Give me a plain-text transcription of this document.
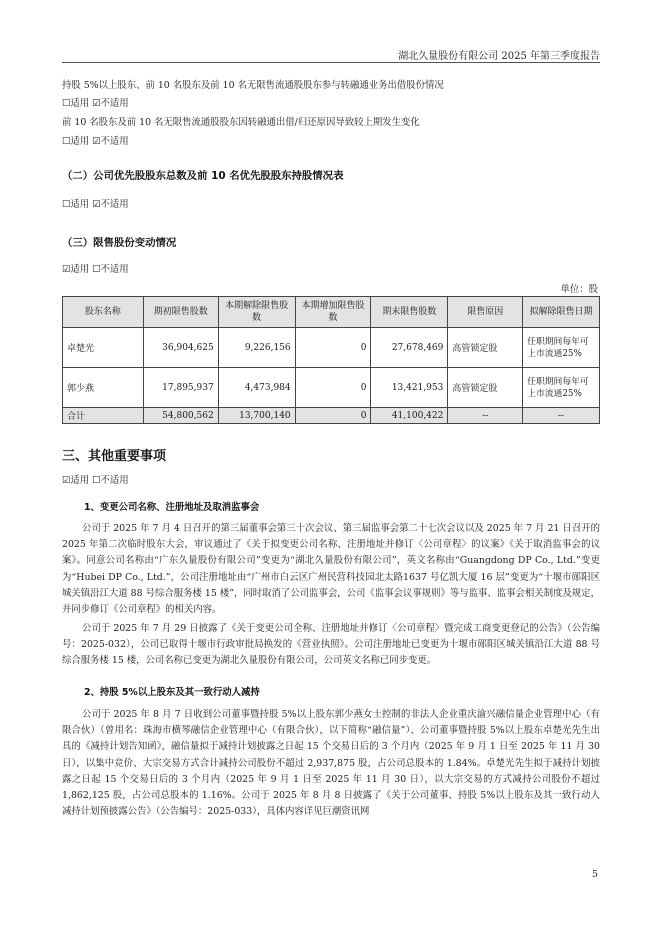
湖北久量股份有限公司 2025 年第三季度报告
持股 5%以上股东、前 10 名股东及前 10 名无限售流通股股东参与转融通业务出借股份情况
☐适用 ☑不适用
前 10 名股东及前 10 名无限售流通股股东因转融通出借/归还原因导致较上期发生变化
☐适用 ☑不适用
（二）公司优先股股东总数及前 10 名优先股股东持股情况表
☐适用 ☑不适用
（三）限售股份变动情况
☑适用 ☐不适用
单位：股
股东名称	期初限售股数	本期解除限售股数	本期增加限售股数	期末限售股数	限售原因	拟解除限售日期
卓楚光	36,904,625	9,226,156	0	27,678,469	高管锁定股	任职期间每年可上市流通25%
郭少燕	17,895,937	4,473,984	0	13,421,953	高管锁定股	任职期间每年可上市流通25%
合计	54,800,562	13,700,140	0	41,100,422	--	--
三、其他重要事项
☑适用 ☐不适用
1、变更公司名称、注册地址及取消监事会
公司于 2025 年 7 月 4 日召开的第三届董事会第三十次会议、第三届监事会第二十七次会议以及 2025 年 7 月 21 日召开的 2025 年第二次临时股东大会，审议通过了《关于拟变更公司名称、注册地址并修订〈公司章程〉的议案》《关于取消监事会的议案》。同意公司名称由“广东久量股份有限公司”变更为“湖北久量股份有限公司”，英文名称由“Guangdong DP Co., Ltd.”变更为“Hubei DP Co., Ltd.”，公司注册地址由“广州市白云区广州民营科技园北太路1637 号亿凯大厦 16 层”变更为“十堰市郧阳区城关镇沿江大道 88 号综合服务楼 15 楼”，同时取消了公司监事会，公司《监事会议事规则》等与监事、监事会相关制度及规定，并同步修订《公司章程》的相关内容。
公司于 2025 年 7 月 29 日披露了《关于变更公司全称、注册地址并修订〈公司章程〉暨完成工商变更登记的公告》（公告编号：2025-032），公司已取得十堰市行政审批局换发的《营业执照》。公司注册地址已变更为十堰市郧阳区城关镇沿江大道 88 号综合服务楼 15 楼，公司名称已变更为湖北久量股份有限公司，公司英文名称已同步变更。
2、持股 5%以上股东及其一致行动人减持
公司于 2025 年 8 月 7 日收到公司董事暨持股 5%以上股东郭少燕女士控制的非法人企业重庆渝兴融信量企业管理中心（有限合伙）（曾用名：珠海市横琴融信企业管理中心（有限合伙），以下简称“融信量”）、公司董事暨持股 5%以上股东卓楚光先生出具的《减持计划告知函》，融信量拟于减持计划披露之日起 15 个交易日后的 3 个月内（2025 年 9 月 1 日至 2025 年 11 月 30 日），以集中竞价、大宗交易方式合计减持公司股份不超过 2,937,875 股，占公司总股本的 1.84%。卓楚光先生拟于减持计划披露之日起 15 个交易日后的 3 个月内（2025 年 9 月 1 日至 2025 年 11 月 30 日），以大宗交易的方式减持公司股份不超过 1,862,125 股，占公司总股本的 1.16%。公司于 2025 年 8 月 8 日披露了《关于公司董事、持股 5%以上股东及其一致行动人减持计划预披露公告》（公告编号：2025-033），具体内容详见巨潮资讯网
5
